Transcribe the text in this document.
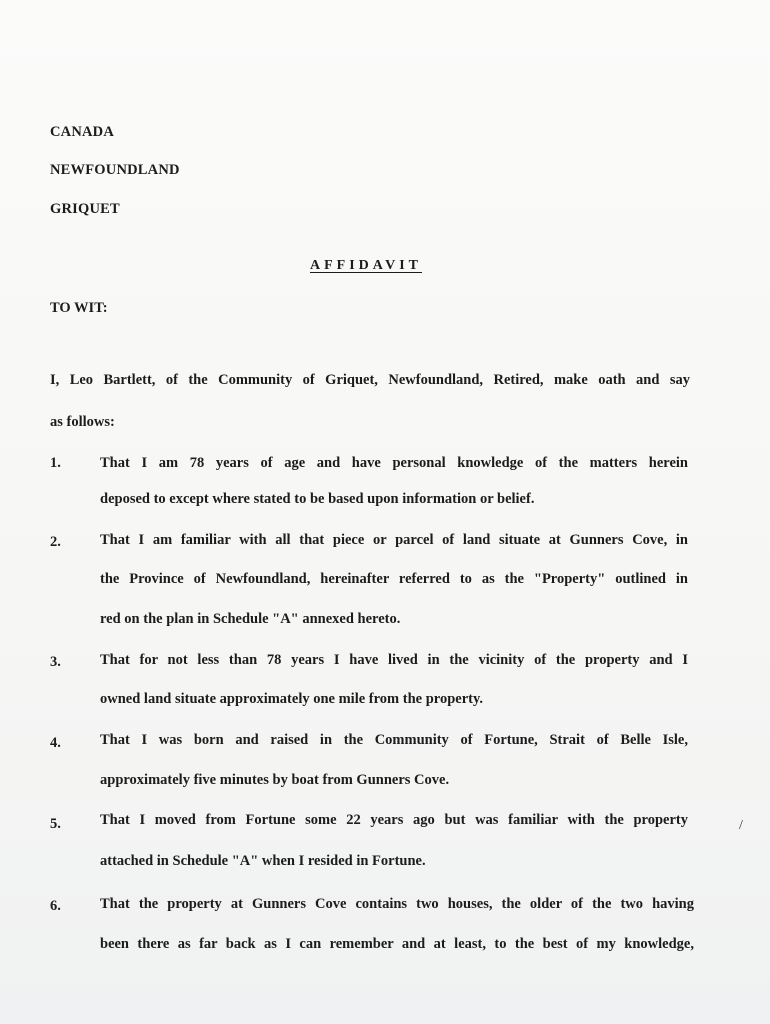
CANADA
NEWFOUNDLAND
GRIQUET
AFFIDAVIT
TO WIT:
I, Leo Bartlett, of the Community of Griquet, Newfoundland, Retired, make oath and say
as follows:
1.	That I am 78 years of age and have personal knowledge of the matters herein
deposed to except where stated to be based upon information or belief.
2.	That I am familiar with all that piece or parcel of land situate at Gunners Cove, in
the Province of Newfoundland, hereinafter referred to as the "Property" outlined in
red on the plan in Schedule "A" annexed hereto.
3.	That for not less than 78 years I have lived in the vicinity of the property and I
owned land situate approximately one mile from the property.
4.	That I was born and raised in the Community of Fortune, Strait of Belle Isle,
approximately five minutes by boat from Gunners Cove.
5.	That I moved from Fortune some 22 years ago but was familiar with the property
attached in Schedule "A" when I resided in Fortune.
6.	That the property at Gunners Cove contains two houses, the older of the two having
been there as far back as I can remember and at least, to the best of my knowledge,
/
